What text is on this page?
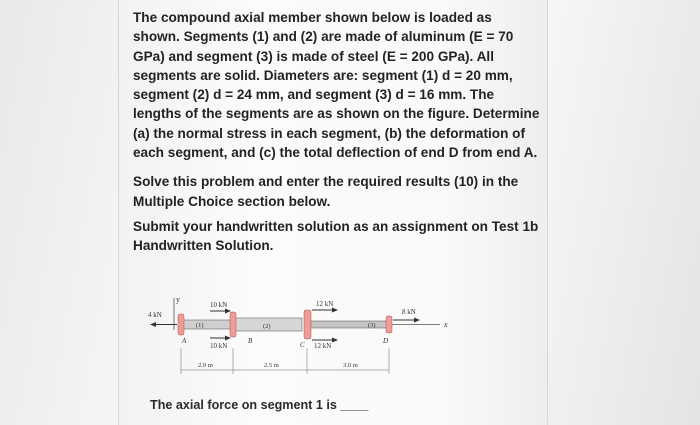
The compound axial member shown below is loaded as shown. Segments (1) and (2) are made of aluminum (E = 70 GPa) and segment (3) is made of steel (E = 200 GPa). All segments are solid. Diameters are: segment (1) d = 20 mm, segment (2) d = 24 mm, and segment (3) d = 16 mm. The lengths of the segments are as shown on the figure. Determine (a) the normal stress in each segment, (b) the deformation of each segment, and (c) the total deflection of end D from end A.

Solve this problem and enter the required results (10) in the Multiple Choice section below.

Submit your handwritten solution as an assignment on Test 1b Handwritten Solution.

y
x
4 kN
10 kN
10 kN
12 kN
12 kN
8 kN
(1)	(2)	(3)
A	B	C	D
2.0 m	2.5 m	3.0 m
The axial force on segment 1 is ____
